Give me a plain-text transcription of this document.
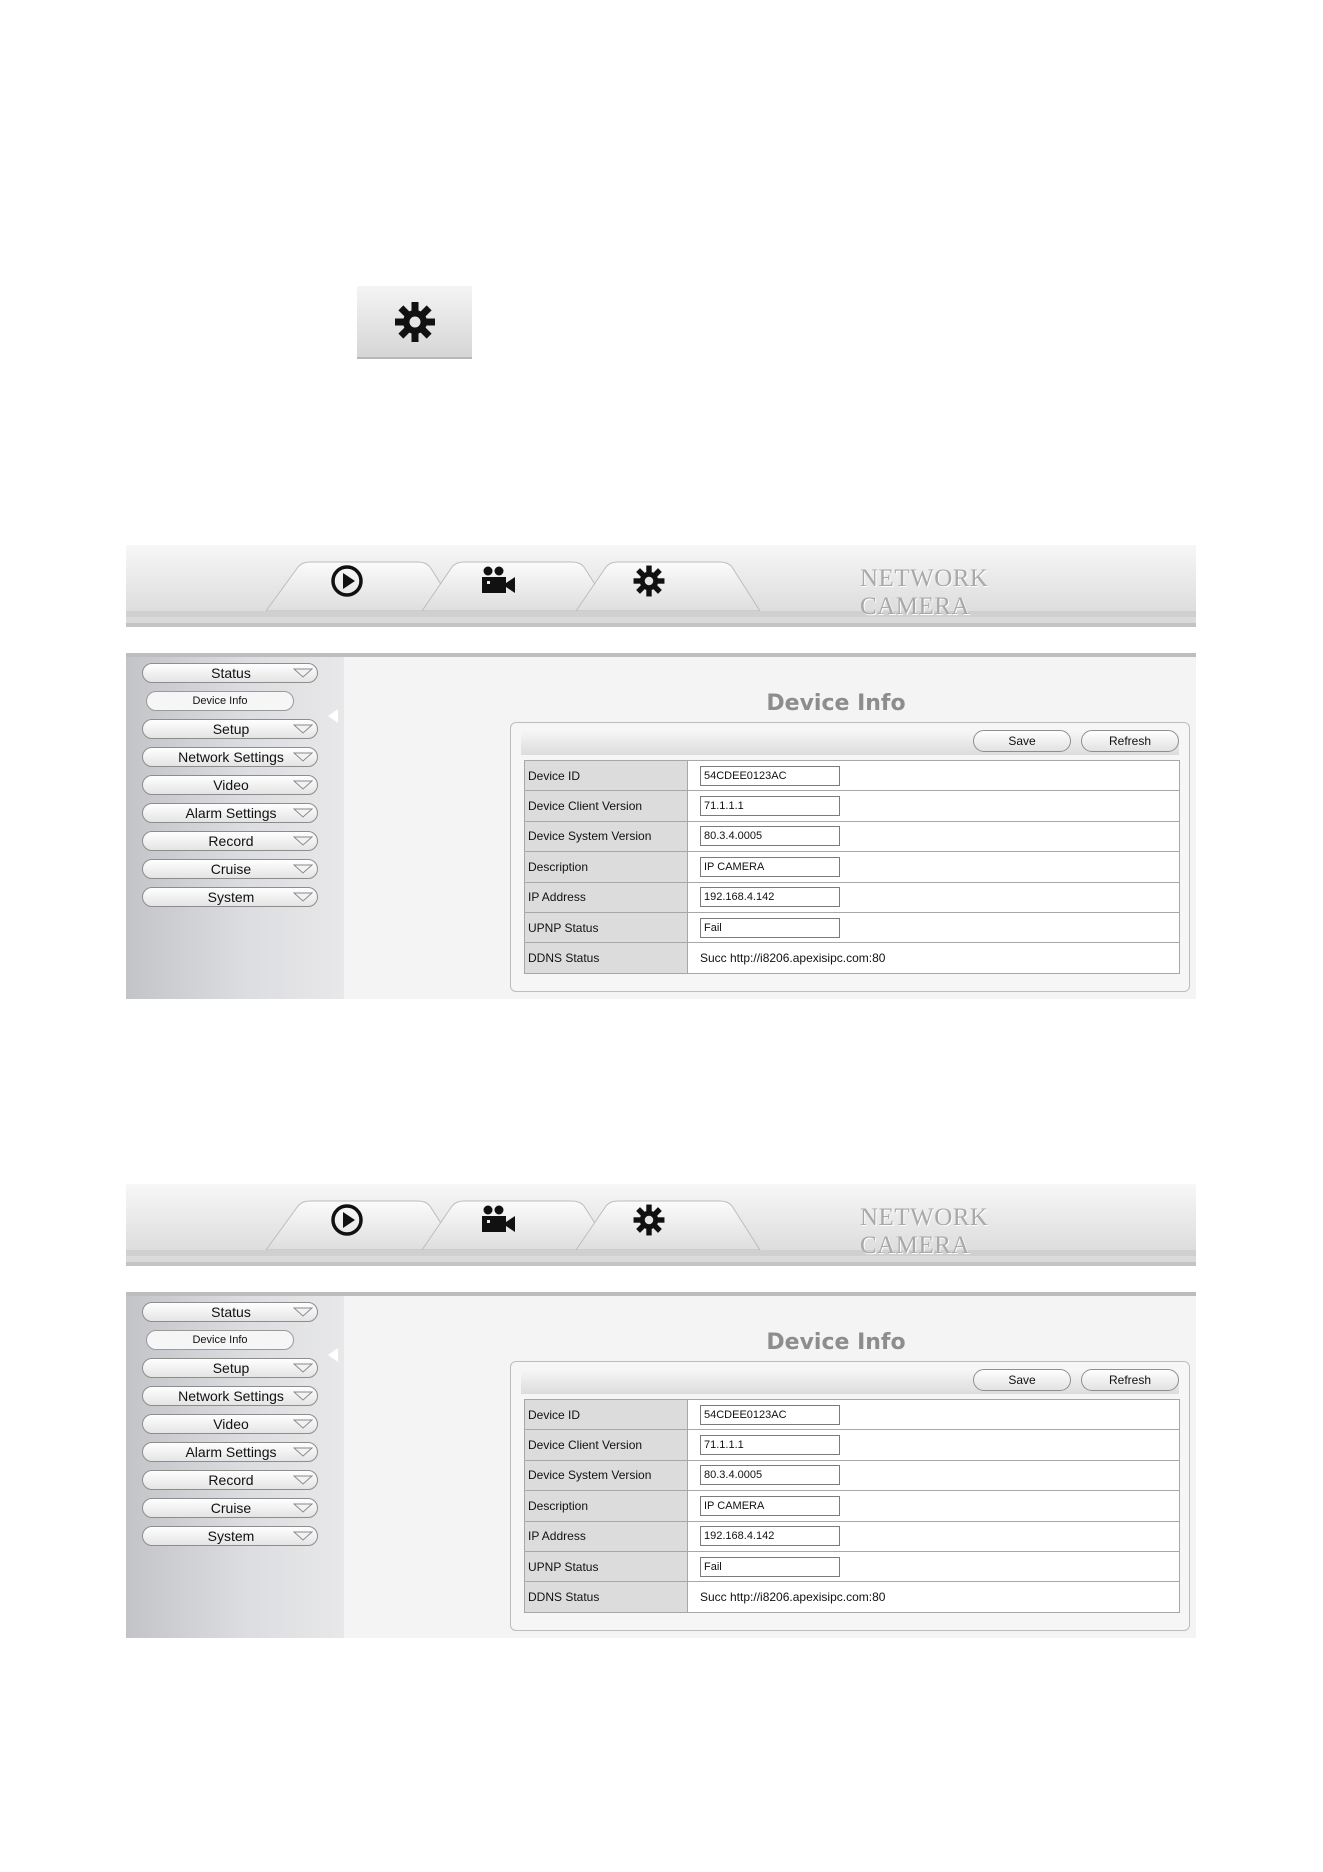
NETWORK CAMERA
Status
Device Info
Setup
Network Settings
Video
Alarm Settings
Record
Cruise
System
Device Info
Save	Refresh
Device ID	54CDEE0123AC
Device Client Version	71.1.1.1
Device System Version	80.3.4.0005
Description	IP CAMERA
IP Address	192.168.4.142
UPNP Status	Fail
DDNS Status	Succ http://i8206.apexisipc.com:80
NETWORK CAMERA
Status
Device Info
Setup
Network Settings
Video
Alarm Settings
Record
Cruise
System
Device Info
Save	Refresh
Device ID	54CDEE0123AC
Device Client Version	71.1.1.1
Device System Version	80.3.4.0005
Description	IP CAMERA
IP Address	192.168.4.142
UPNP Status	Fail
DDNS Status	Succ http://i8206.apexisipc.com:80
